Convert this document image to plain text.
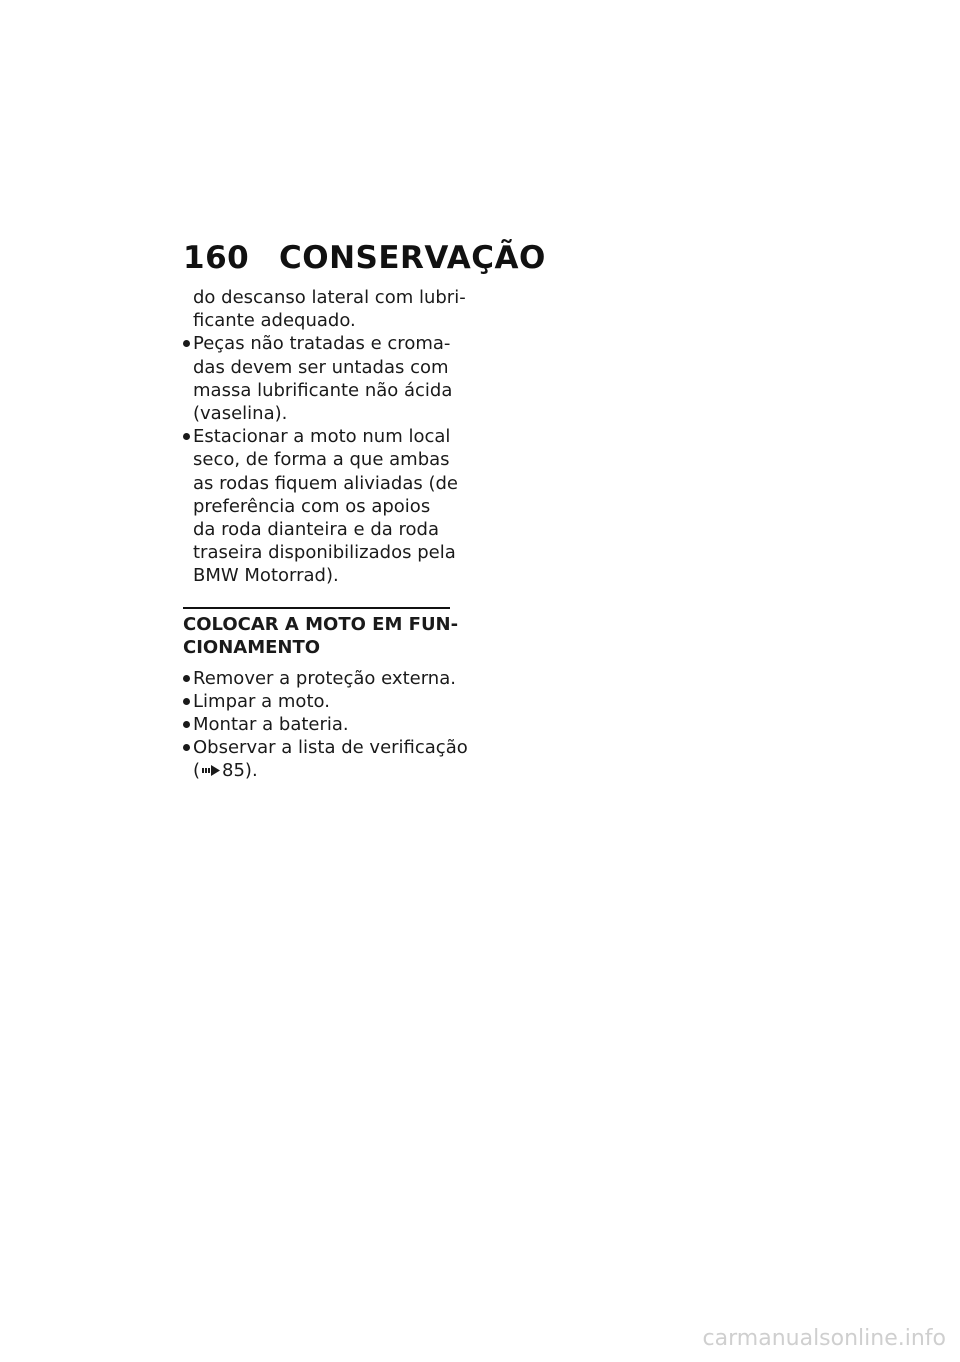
160 CONSERVAÇÃO
do descanso lateral com lubri-
ficante adequado.
Peças não tratadas e croma-
das devem ser untadas com
massa lubrificante não ácida
(vaselina).
Estacionar a moto num local
seco, de forma a que ambas
as rodas fiquem aliviadas (de
preferência com os apoios
da roda dianteira e da roda
traseira disponibilizados pela
BMW Motorrad).
COLOCAR A MOTO EM FUN-
CIONAMENTO
Remover a proteção externa.
Limpar a moto.
Montar a bateria.
Observar a lista de verificação
( 85).
carmanualsonline.info
